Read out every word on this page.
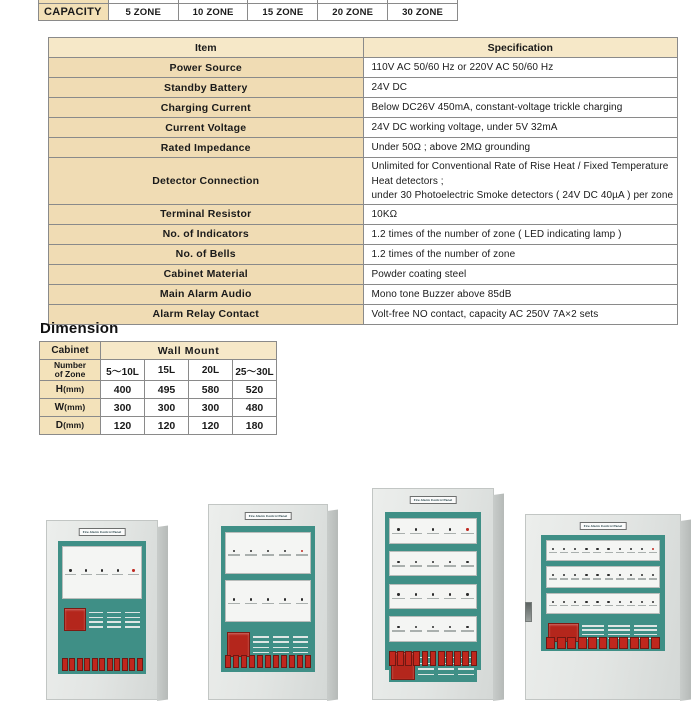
CAPACITY	5 ZONE	10 ZONE	15 ZONE	20 ZONE	30 ZONE
Item	Specification
Power Source	110V AC 50/60 Hz or 220V AC 50/60 Hz
Standby Battery	24V DC
Charging Current	Below DC26V 450mA, constant-voltage trickle charging
Current Voltage	24V DC working voltage, under 5V 32mA
Rated Impedance	Under 50Ω ; above 2MΩ grounding
Detector Connection	Unlimited for Conventional Rate of Rise Heat / Fixed Temperature Heat detectors ;
under 30 Photoelectric Smoke detectors ( 24V DC 40µA ) per zone

Terminal Resistor	10KΩ
No. of Indicators	1.2 times of the number of zone ( LED indicating lamp )
No. of Bells	1.2 times of the number of zone
Cabinet Material	Powder coating steel
Main Alarm Audio	Mono tone Buzzer above 85dB
Alarm Relay Contact	Volt-free NO contact, capacity AC 250V 7A×2 sets
Dimension
Cabinet	Wall Mount			

Number
of Zone	5～10L	15L	20L	25～30L
H(mm)	400	495	580	520
W(mm)	300	300	300	480
D(mm)	120	120	120	180
Fire Alarm Control Panel
Fire Alarm Control Panel
Fire Alarm Control Panel
Fire Alarm Control Panel
